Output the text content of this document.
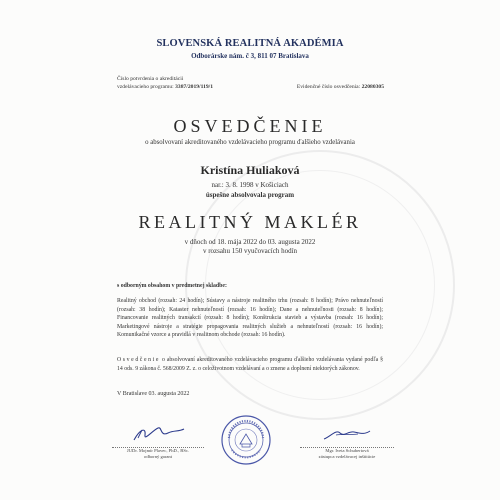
SLOVENSKÁ REALITNÁ AKADÉMIA
Odborárske nám. č 3, 811 07 Bratislava
Číslo potvrdenia o akreditácii
vzdelávacieho programu: 3387/2019/119/1	Evidenčné číslo osvedčenia: 22080305
OSVEDČENIE
o absolvovaní akreditovaného vzdelávacieho programu ďalšieho vzdelávania
Kristína Huliaková
nar.: 3. 8. 1998 v Košiciach
úspešne absolvovala program
REALITNÝ MAKLÉR
v dňoch od 18. mája 2022 do 03. augusta 2022
v rozsahu 150 vyučovacích hodín
s odborným obsahom v predmetnej skladbe:
Realitný obchod (rozsah: 24 hodín); Sústavy a nástroje realitného trhu (rozsah: 8 hodín); Právo nehnuteľností (rozsah: 38 hodín); Kataster nehnuteľností (rozsah: 16 hodín); Dane a nehnuteľnosti (rozsah: 8 hodín); Financovanie realitných transakcií (rozsah: 8 hodín); Konštrukcia stavieb a výstavba (rozsah: 16 hodín); Marketingové nástroje a stratégie propagovania realitných služieb a nehnuteľností (rozsah: 16 hodín); Komunikačné vzorce a pravidlá v realitnom obchode (rozsah: 16 hodín).
Osvedčenie o absolvovaní akreditovaného vzdelávacieho programu ďalšieho vzdelávania vydané podľa § 14 ods. 9 zákona č. 568/2009 Z. z. o celoživotnom vzdelávaní a o zmene a doplnení niektorých zákonov.
V Bratislave 03. augusta 2022
JUDr. Mojmír Plavec, PhD., BSc.
odborný garant
Mgr. Iveta Schubertová
zástupca vzdelávacej inštitúcie
